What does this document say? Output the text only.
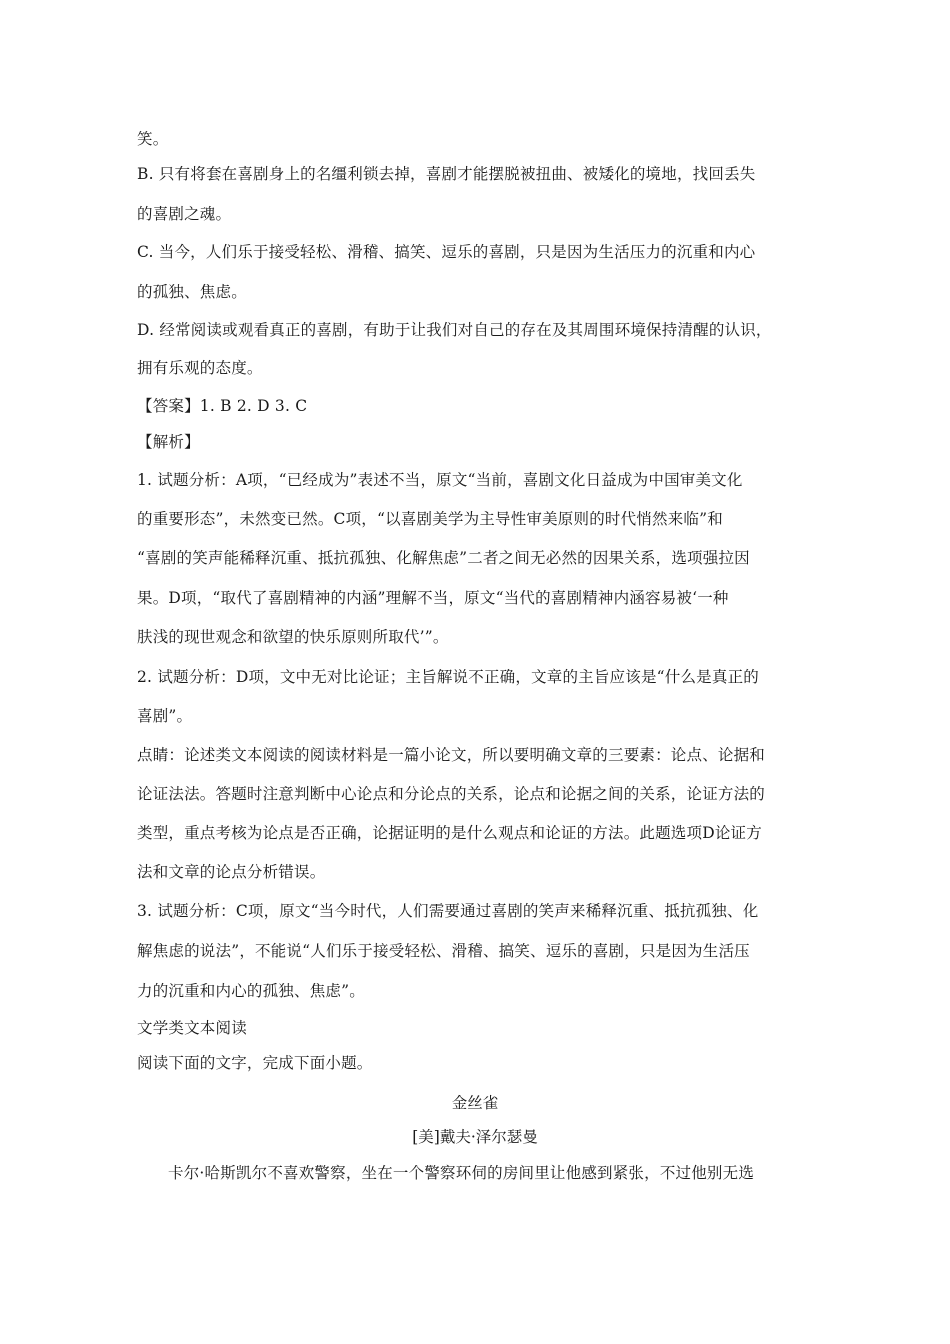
笑。
B. 只有将套在喜剧身上的名缰利锁去掉，喜剧才能摆脱被扭曲、被矮化的境地，找回丢失
的喜剧之魂。
C. 当今，人们乐于接受轻松、滑稽、搞笑、逗乐的喜剧，只是因为生活压力的沉重和内心
的孤独、焦虑。
D. 经常阅读或观看真正的喜剧，有助于让我们对自己的存在及其周围环境保持清醒的认识，
拥有乐观的态度。
【答案】1. B 2. D 3. C
【解析】
1. 试题分析：A项，“已经成为”表述不当，原文“当前，喜剧文化日益成为中国审美文化
的重要形态”，未然变已然。C项，“以喜剧美学为主导性审美原则的时代悄然来临”和
“喜剧的笑声能稀释沉重、抵抗孤独、化解焦虑”二者之间无必然的因果关系，选项强拉因
果。D项，“取代了喜剧精神的内涵”理解不当，原文“当代的喜剧精神内涵容易被‘一种
肤浅的现世观念和欲望的快乐原则所取代’”。
2. 试题分析：D项，文中无对比论证；主旨解说不正确，文章的主旨应该是“什么是真正的
喜剧”。
点睛：论述类文本阅读的阅读材料是一篇小论文，所以要明确文章的三要素：论点、论据和
论证法法。答题时注意判断中心论点和分论点的关系，论点和论据之间的关系，论证方法的
类型，重点考核为论点是否正确，论据证明的是什么观点和论证的方法。此题选项D论证方
法和文章的论点分析错误。
3. 试题分析：C项，原文“当今时代，人们需要通过喜剧的笑声来稀释沉重、抵抗孤独、化
解焦虑的说法”，不能说“人们乐于接受轻松、滑稽、搞笑、逗乐的喜剧，只是因为生活压
力的沉重和内心的孤独、焦虑”。
文学类文本阅读
阅读下面的文字，完成下面小题。
金丝雀
[美]戴夫·泽尔瑟曼
卡尔·哈斯凯尔不喜欢警察，坐在一个警察环伺的房间里让他感到紧张，不过他别无选
